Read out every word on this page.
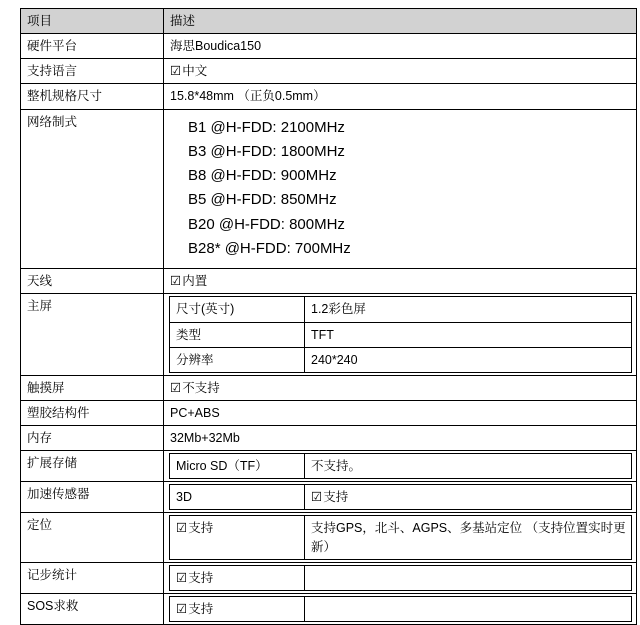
项目	描述
硬件平台	海思Boudica150
支持语言	☑中文
整机规格尺寸	15.8*48mm （正负0.5mm）
网络制式	B1 @H-FDD: 2100MHz
B3 @H-FDD: 1800MHz
B8 @H-FDD: 900MHz
B5 @H-FDD: 850MHz
B20 @H-FDD: 800MHz
B28* @H-FDD: 700MHz

天线	☑内置
主屏		尺寸(英寸)	1.2彩色屏
类型	TFT
分辨率	240*240

触摸屏	☑不支持
塑胶结构件	PC+ABS
内存	32Mb+32Mb
扩展存储		Micro SD（TF）	不支持。

加速传感器		3D	☑支持

定位		☑支持	支持GPS，北斗、AGPS、多基站定位 （支持位置实时更新）

记步统计		☑支持	

SOS求救		☑支持	
